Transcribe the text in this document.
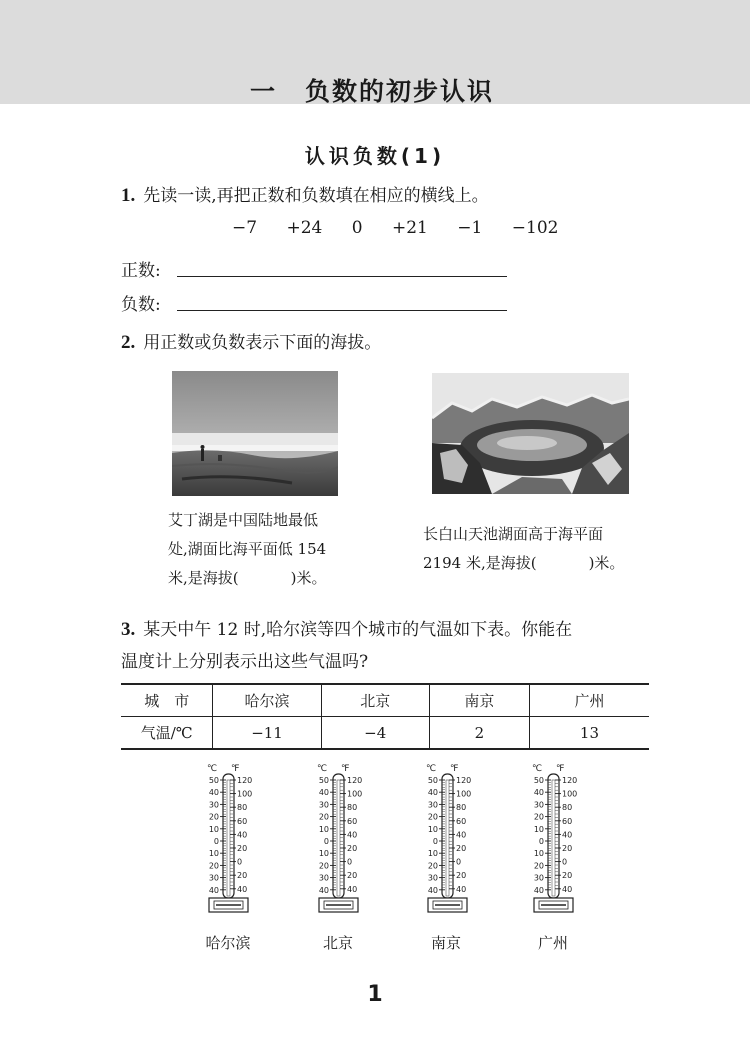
一 负数的初步认识
认识负数(1)
1. 先读一读,再把正数和负数填在相应的横线上。
−7 +24 0 +21 −1 −102
正数:
负数:
2. 用正数或负数表示下面的海拔。
艾丁湖是中国陆地最低
处,湖面比海平面低 154
米,是海拔(	)米。
长白山天池湖面高于海平面
2194 米,是海拔(	)米。
3. 某天中午 12 时,哈尔滨等四个城市的气温如下表。你能在
温度计上分别表示出这些气温吗?
城　市	哈尔滨	北京	南京	广州
气温/℃	−11	−4	2	13
℃ ℉
50
40
30
20
10
0
10
20
30
40
120
100
80
60
40
20
0
20
40
℃ ℉
50
40
30
20
10
0
10
20
30
40
120
100
80
60
40
20
0
20
40
℃ ℉
50
40
30
20
10
0
10
20
30
40
120
100
80
60
40
20
0
20
40
℃ ℉
50
40
30
20
10
0
10
20
30
40
120
100
80
60
40
20
0
20
40
哈尔滨	北京	南京	广州
1
